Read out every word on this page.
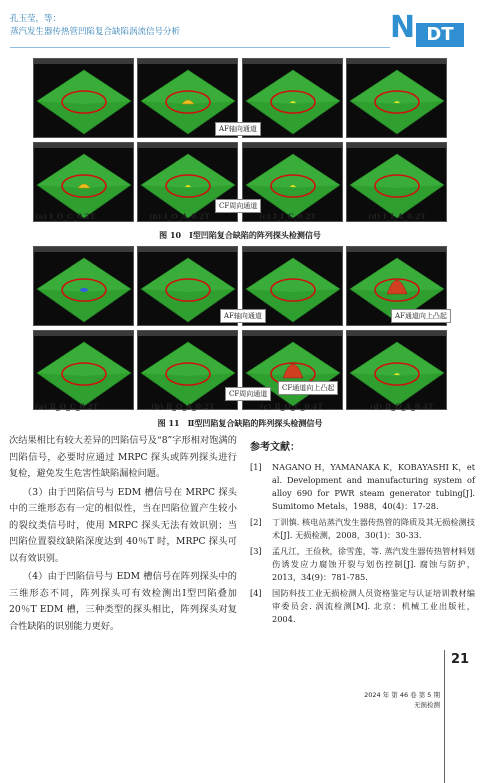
孔玉莹，等：
蒸汽发生器传热管凹陷复合缺陷涡流信号分析	N DT
AF轴向通道
CF周向通道
(a) Ⅰ_O_C_0.2T	(b) Ⅰ_O_A_0.2T	(c) Ⅰ_I_C_0.2T	(d) Ⅰ_I_A_0.2T
图 10　Ⅰ型凹陷复合缺陷的阵列探头检测信号
AF轴向通道	AF通道向上凸起
CF周向通道
CF通道向上凸起
(a) Ⅱ_O_C_0.2T	(b) Ⅱ_O_A_0.2T	(c) Ⅱ_O_C_0.4T	(d) Ⅱ_O_A_0.4T
图 11　Ⅱ型凹陷复合缺陷的阵列探头检测信号

次结果相比有较大差异的凹陷信号及“8”字形相对饱满的凹陷信号，必要时应通过 MRPC 探头或阵列探头进行复检，避免发生危害性缺陷漏检问题。

（3）由于凹陷信号与 EDM 槽信号在 MRPC 探头中的三维形态有一定的相似性，当在凹陷位置产生较小的裂纹类信号时，使用 MRPC 探头无法有效识别；当凹陷位置裂纹缺陷深度达到 40％T 时，MRPC 探头可以有效识别。

（4）由于凹陷信号与 EDM 槽信号在阵列探头中的三维形态不同，阵列探头可有效检测出Ⅰ型凹陷叠加 20％T EDM 槽，三种类型的探头相比，阵列探头对复合性缺陷的识别能力更好。

参考文献：
[1] NAGANO H，YAMANAKA K，KOBAYASHI K，et al. Development and manufacturing system of alloy 690 for PWR steam generator tubing[J]. Sumitomo Metals，1988，40(4)：17-28.
[2] 丁训慎. 核电站蒸汽发生器传热管的降质及其无损检测技术[J]. 无损检测，2008，30(1)：30-33.
[3] 孟凡江，王俭秋，徐雪莲，等. 蒸汽发生器传热管材料划伤诱发应力腐蚀开裂与划伤控制[J]. 腐蚀与防护，2013，34(9)：781-785.
[4] 国防科技工业无损检测人员资格鉴定与认证培训教材编审委员会. 涡流检测[M]. 北京：机械工业出版社，2004.
21
2024 年 第 46 卷 第 5 期
无损检测
